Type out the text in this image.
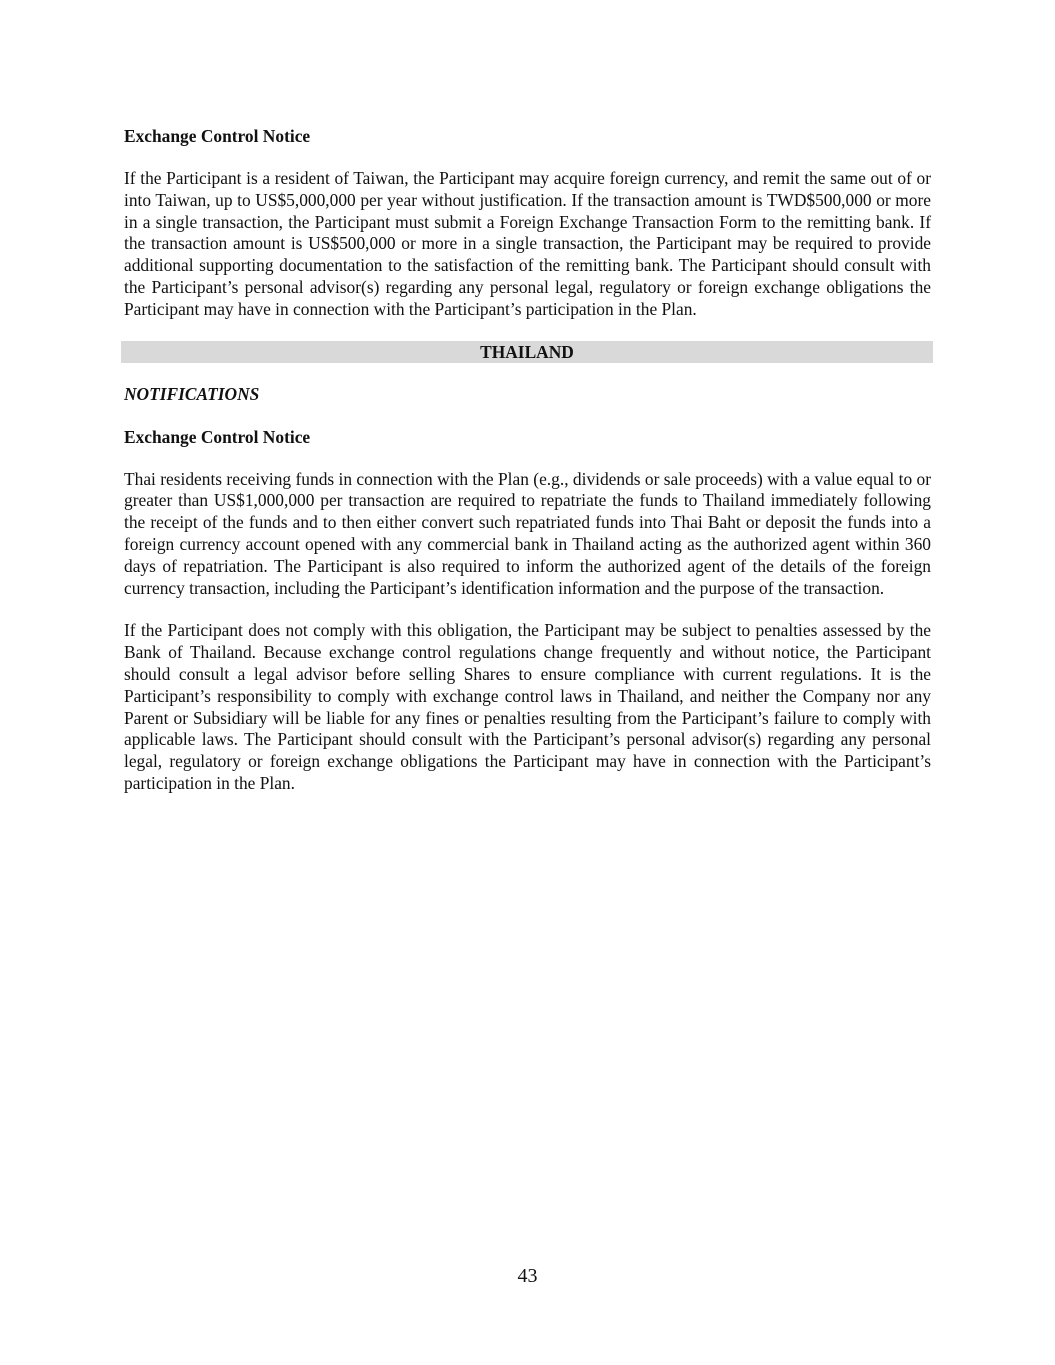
Exchange Control Notice

If the Participant is a resident of Taiwan, the Participant may acquire foreign currency, and remit the same out of or into Taiwan, up to US$5,000,000 per year without justification. If the transaction amount is TWD$500,000 or more in a single transaction, the Participant must submit a Foreign Exchange Transaction Form to the remitting bank. If the transaction amount is US$500,000 or more in a single transaction, the Participant may be required to provide additional supporting documentation to the satisfaction of the remitting bank. The Participant should consult with the Participant’s personal advisor(s) regarding any personal legal, regulatory or foreign exchange obligations the Participant may have in connection with the Participant’s participation in the Plan.

THAILAND

NOTIFICATIONS

Exchange Control Notice

Thai residents receiving funds in connection with the Plan (e.g., dividends or sale proceeds) with a value equal to or greater than US$1,000,000 per transaction are required to repatriate the funds to Thailand immediately following the receipt of the funds and to then either convert such repatriated funds into Thai Baht or deposit the funds into a foreign currency account opened with any commercial bank in Thailand acting as the authorized agent within 360 days of repatriation. The Participant is also required to inform the authorized agent of the details of the foreign currency transaction, including the Participant’s identification information and the purpose of the transaction.

If the Participant does not comply with this obligation, the Participant may be subject to penalties assessed by the Bank of Thailand. Because exchange control regulations change frequently and without notice, the Participant should consult a legal advisor before selling Shares to ensure compliance with current regulations. It is the Participant’s responsibility to comply with exchange control laws in Thailand, and neither the Company nor any Parent or Subsidiary will be liable for any fines or penalties resulting from the Participant’s failure to comply with applicable laws. The Participant should consult with the Participant’s personal advisor(s) regarding any personal legal, regulatory or foreign exchange obligations the Participant may have in connection with the Participant’s participation in the Plan.

43
